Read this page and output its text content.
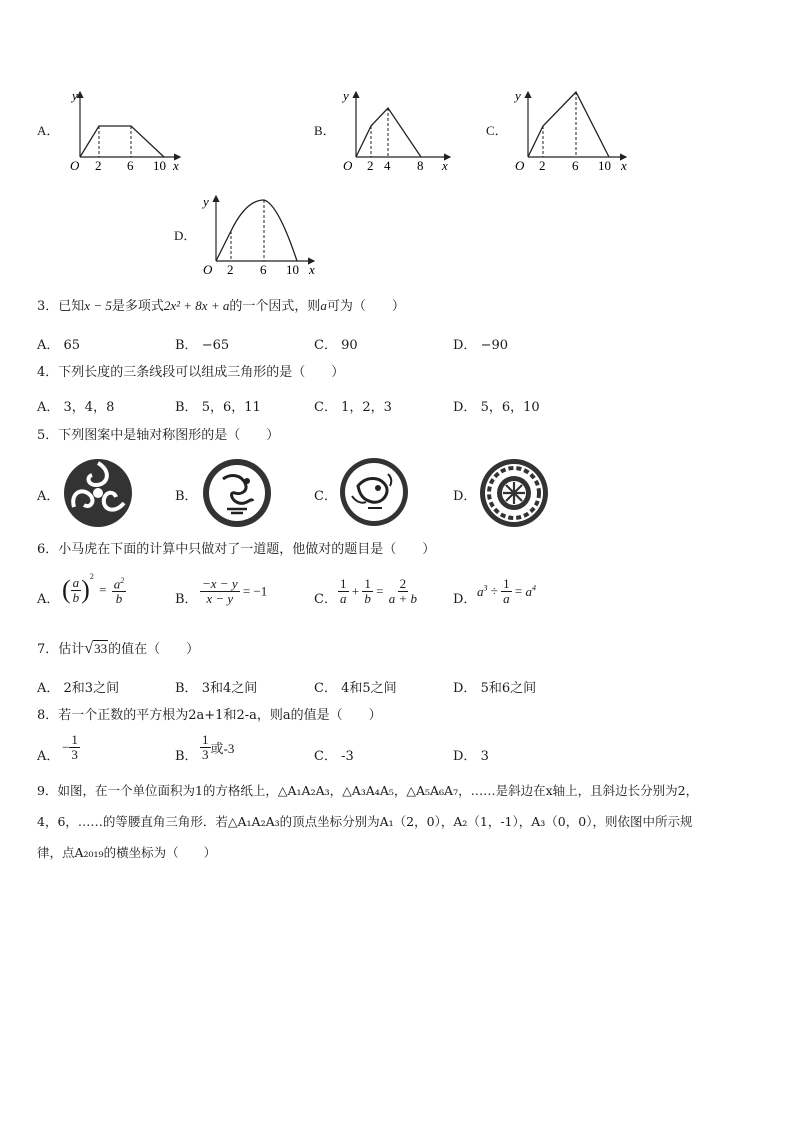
A．
O
y
x
2 6 10
B．
O
y
x
2 4 8
C．
O
y
x
2 6 10
D．
O
y
x
2 6 10
3．已知x − 5是多项式2x² + 8x + a的一个因式，则a可为（　　）
A． 65	B． −65	C． 90	D． −90
4．下列长度的三条线段可以组成三角形的是（　　）
A． 3，4，8	B． 5，6，11	C． 1，2，3	D． 5，6，10
5．下列图案中是轴对称图形的是（　　）
A．	B．	C．	D．
6．小马虎在下面的计算中只做对了一道题，他做对的题目是（　　）
A． ( $\frac{a}{b} )^2 = \frac{a^2}{b}$	B． $\frac{-x - y}{x - y} = -1$
C． $\frac{1}{a} + \frac{1}{b} = \frac{2}{a + b}$	D．
$a^3 \div \frac{1}{a} = a^4$
7．估计√33的值在（　　）
A． 2和3之间	B． 3和4之间	C． 4和5之间	D． 5和6之间
8．若一个正数的平方根为2a+1和2-a，则a的值是（　　）
A．
− $\frac{1}{3}$	B． $\frac{1}{3}$ 或-3
C． -3	D． 3
9．如图，在一个单位面积为1的方格纸上，△A₁A₂A₃，△A₃A₄A₅，△A₅A₆A₇，……是斜边在x轴上，且斜边长分别为2，
4，6，……的等腰直角三角形．若△A₁A₂A₃的顶点坐标分别为A₁（2，0），A₂（1，-1），A₃（0，0），则依图中所示规
律，点A₂₀₁₉的横坐标为（　　）
